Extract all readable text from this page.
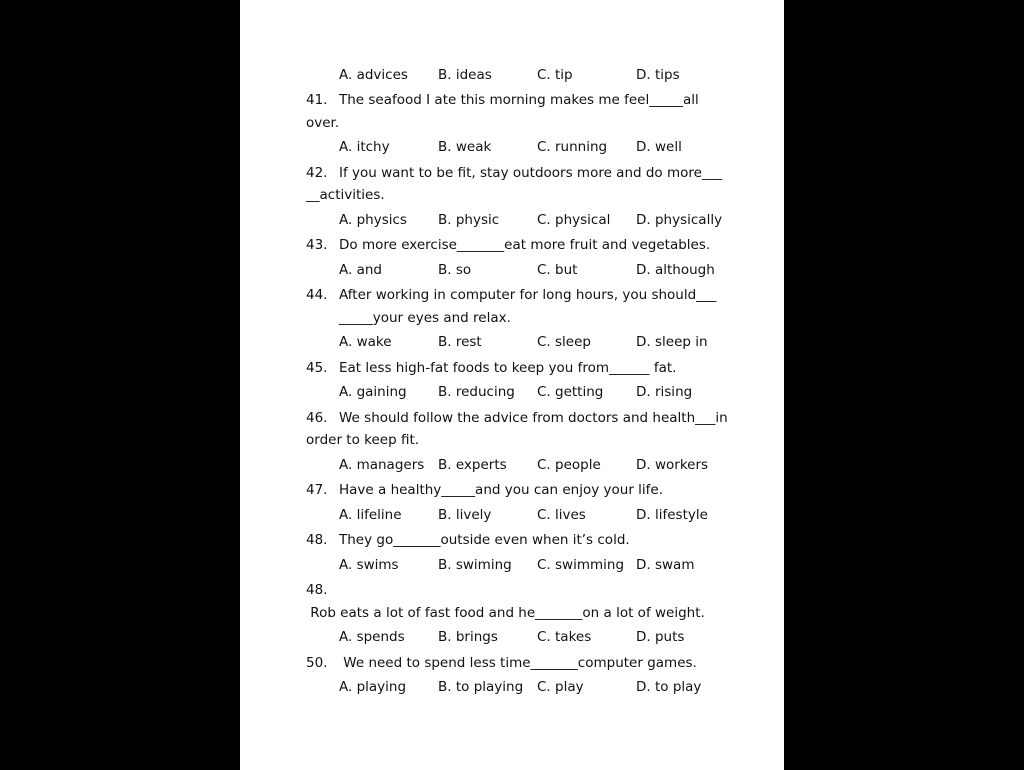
A. advices	B. ideas	C. tip	D. tips
41. The seafood I ate this morning makes me feel_____all
over.
A. itchy	B. weak	C. running	D. well
42. If you want to be fit, stay outdoors more and do more___
__activities.
A. physics	B. physic	C. physical	D. physically
43. Do more exercise_______eat more fruit and vegetables.
A. and	B. so	C. but	D. although
44. After working in computer for long hours, you should___
_____your eyes and relax.
A. wake	B. rest	C. sleep	D. sleep in
45. Eat less high-fat foods to keep you from______ fat.
A. gaining	B. reducing	C. getting	D. rising
46. We should follow the advice from doctors and health___in
order to keep fit.
A. managers	B. experts	C. people	D. workers
47. Have a healthy_____and you can enjoy your life.
A. lifeline	B. lively	C. lives	D. lifestyle
48. They go_______outside even when it’s cold.
A. swims	B. swiming	C. swimming D. swam
48. Rob eats a lot of fast food and he_______on a lot of weight.
A. spends	B. brings	C. takes	D. puts
50. We need to spend less time_______computer games.
A. playing	B. to playing	C. play	D. to play
